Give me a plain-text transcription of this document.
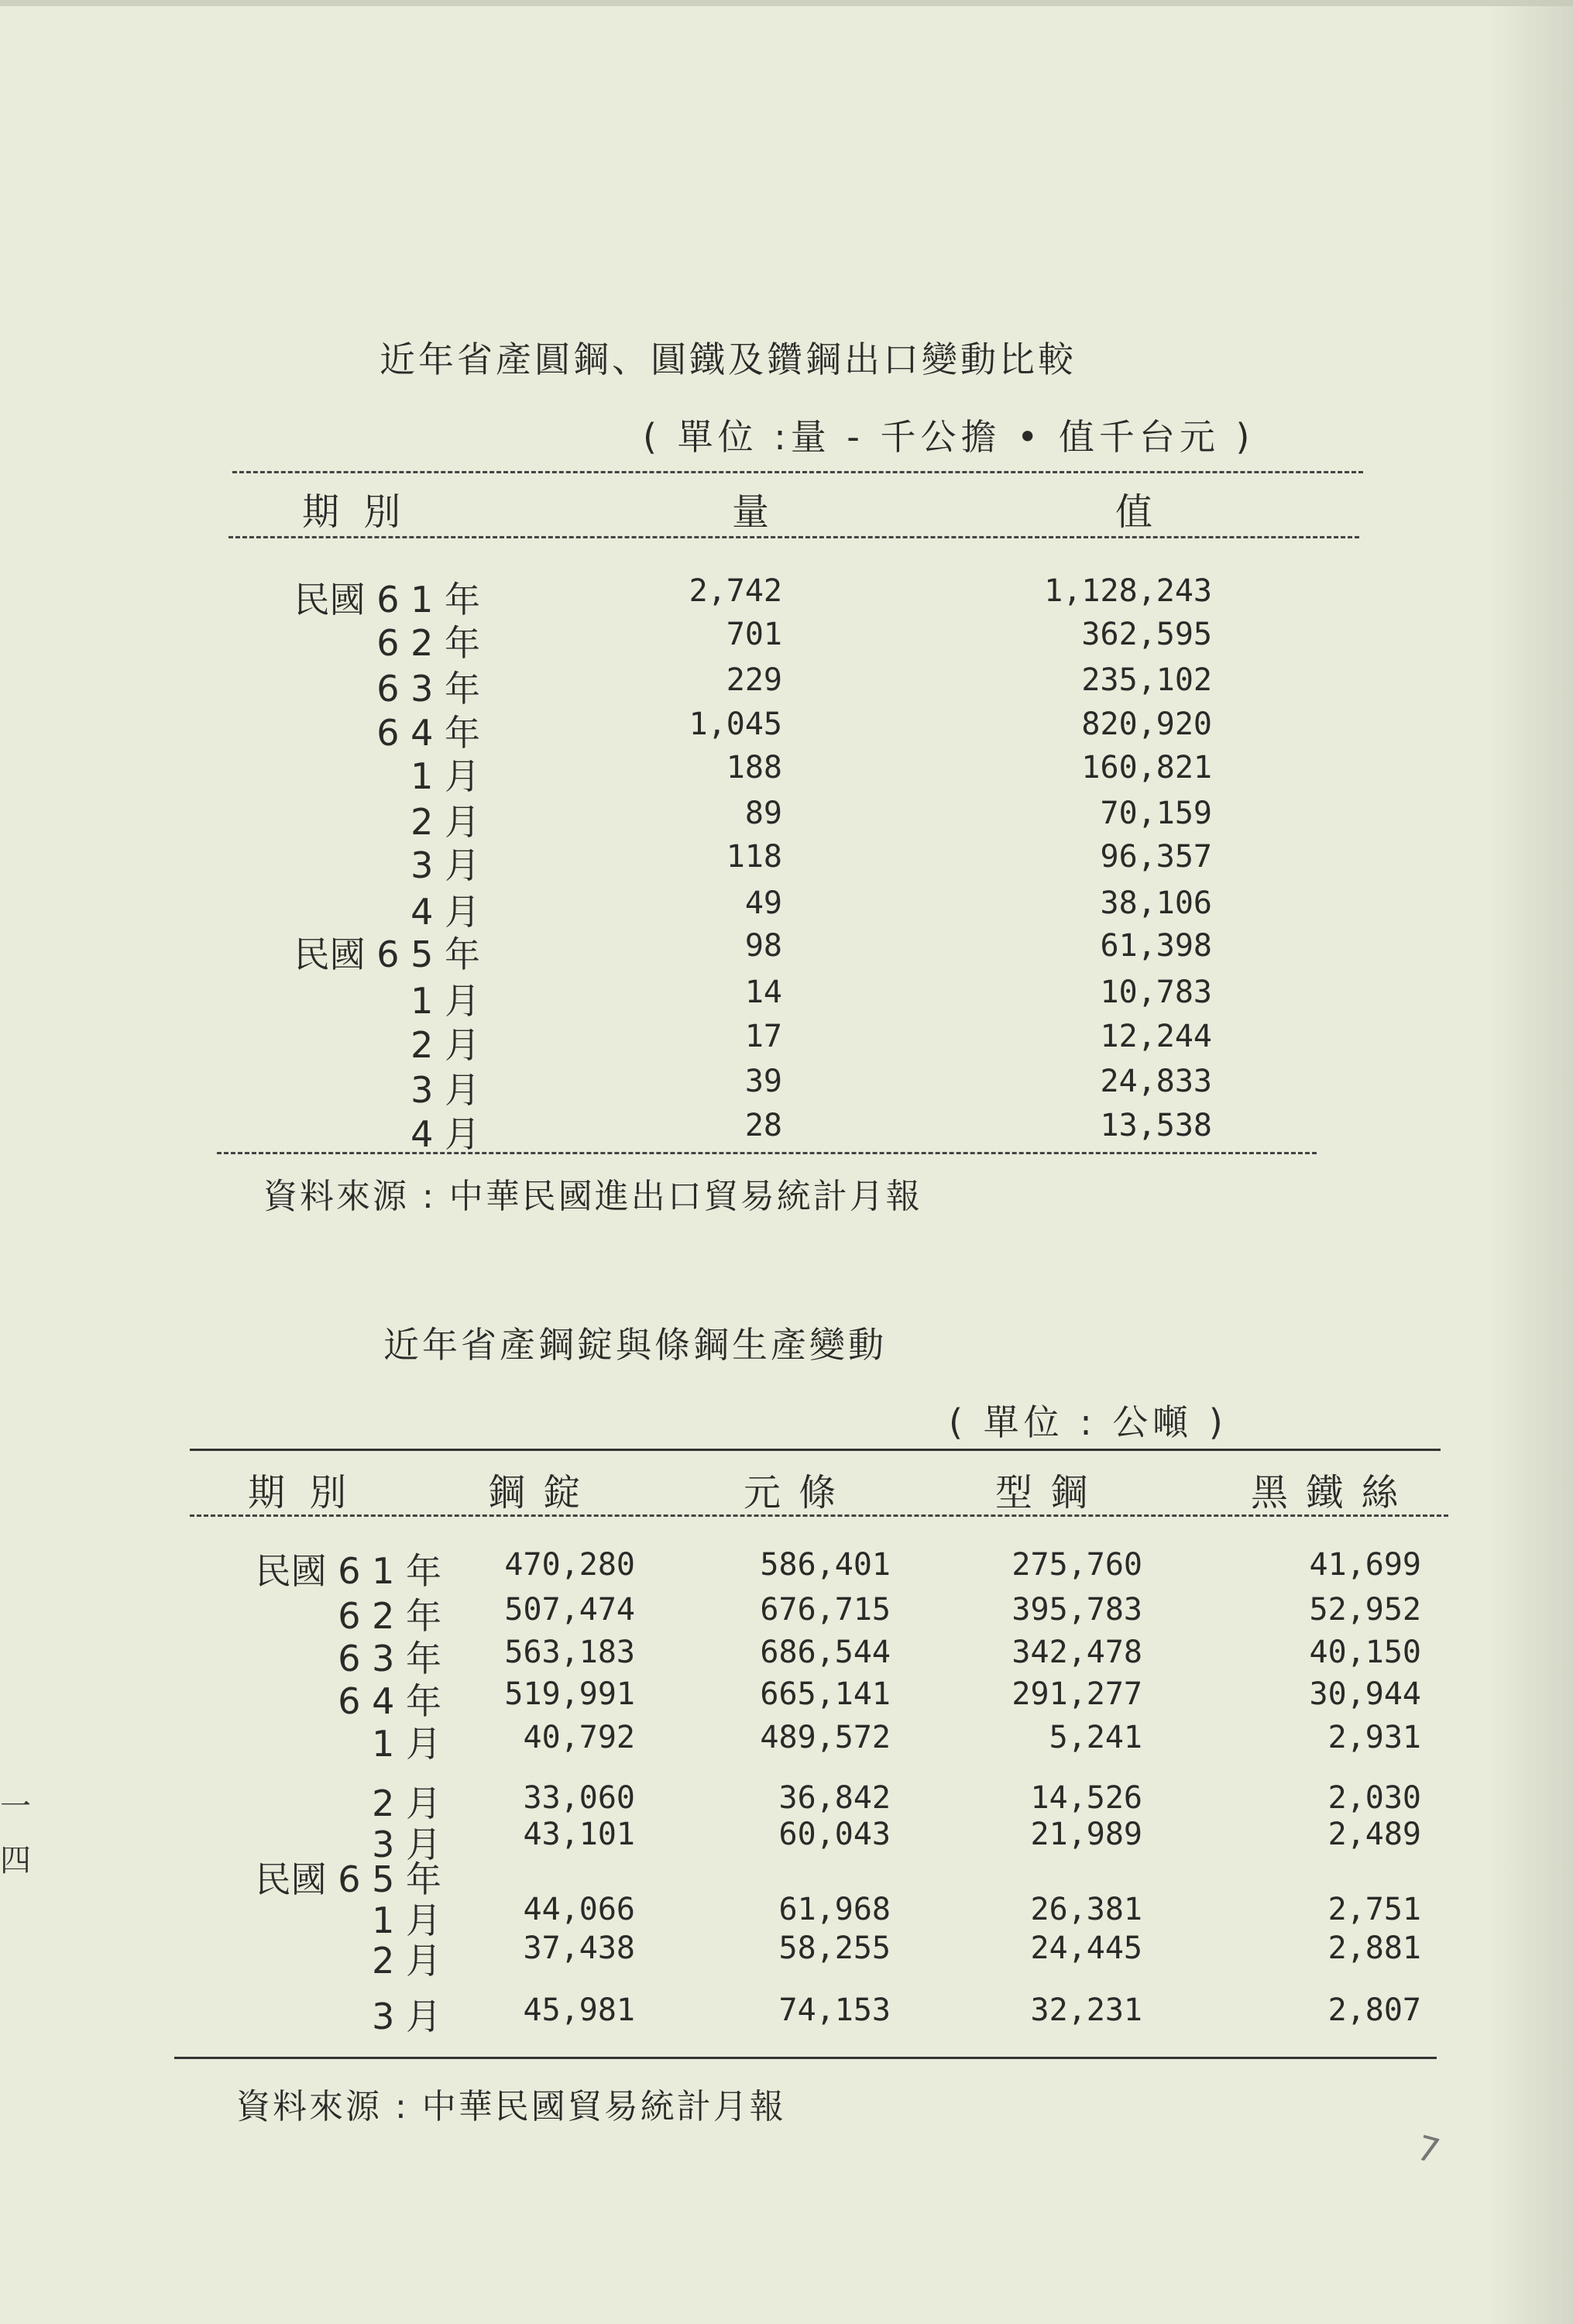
近年省產圓鋼、圓鐵及鑽鋼出口變動比較
( 單位 :量 - 千公擔 • 值千台元 )
期 別	量	值
民國 6 1 年	2,742	1,128,243
6 2 年	701	362,595
6 3 年	229	235,102
6 4 年	1,045	820,920
1 月	188	160,821
2 月	89	70,159
3 月	118	96,357
4 月	49	38,106
民國 6 5 年	98	61,398
1 月	14	10,783
2 月	17	12,244
3 月	39	24,833
4 月	28	13,538
資料來源 : 中華民國進出口貿易統計月報
近年省產鋼錠與條鋼生產變動
( 單位 : 公噸 )
期 別	鋼 錠	元 條	型 鋼	黑 鐵 絲
民國 6 1 年	470,280	586,401	275,760	41,699
6 2 年	507,474	676,715	395,783	52,952
6 3 年	563,183	686,544	342,478	40,150
6 4 年	519,991	665,141	291,277	30,944
1 月	40,792	489,572	5,241	2,931
2 月	33,060	36,842	14,526	2,030
3 月	43,101	60,043	21,989	2,489
民國 6 5 年
1 月	44,066	61,968	26,381	2,751
2 月	37,438	58,255	24,445	2,881
3 月	45,981	74,153	32,231	2,807
資料來源 : 中華民國貿易統計月報
一
四
7
